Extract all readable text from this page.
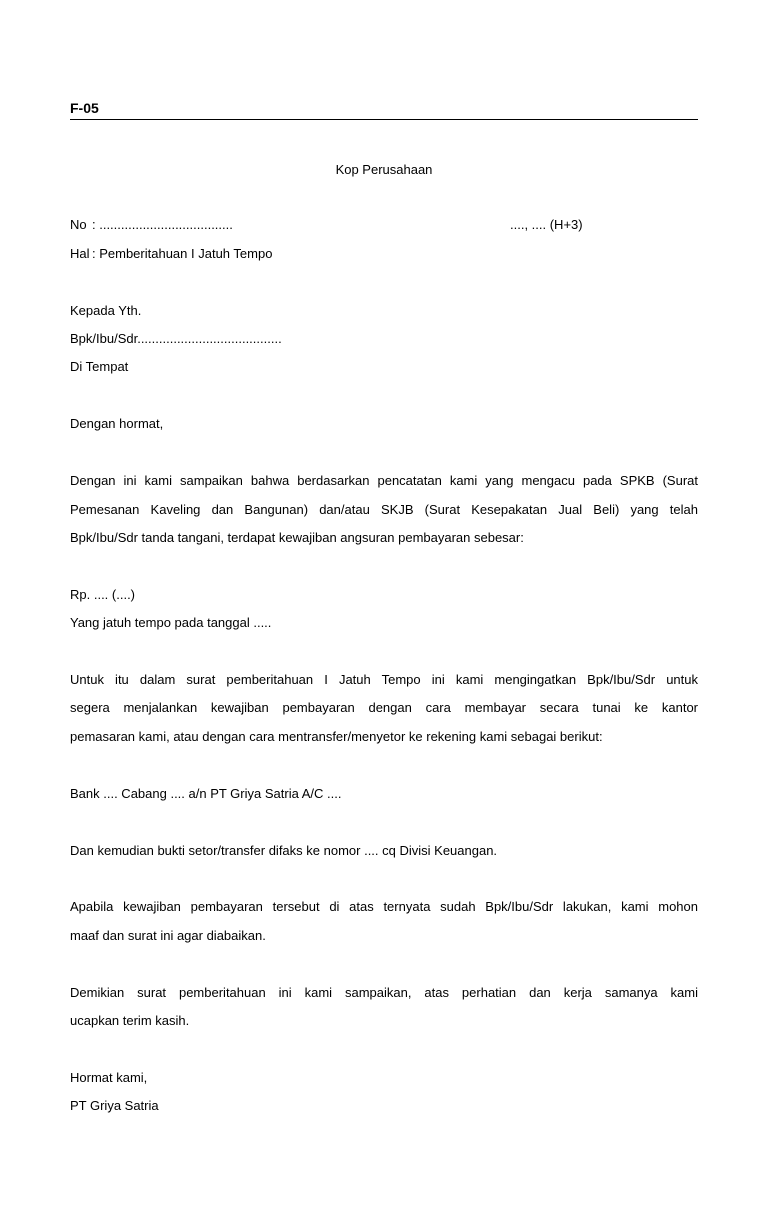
F-05
Kop Perusahaan
No : .....................................	...., .... (H+3)
Hal : Pemberitahuan I Jatuh Tempo
Kepada Yth.
Bpk/Ibu/Sdr........................................
Di Tempat
Dengan hormat,
Dengan ini kami sampaikan bahwa berdasarkan pencatatan kami yang mengacu pada SPKB (Surat
Pemesanan Kaveling dan Bangunan) dan/atau SKJB (Surat Kesepakatan Jual Beli) yang telah
Bpk/Ibu/Sdr tanda tangani, terdapat kewajiban angsuran pembayaran sebesar:
Rp. .... (....)
Yang jatuh tempo pada tanggal .....
Untuk itu dalam surat pemberitahuan I Jatuh Tempo ini kami mengingatkan Bpk/Ibu/Sdr untuk
segera menjalankan kewajiban pembayaran dengan cara membayar secara tunai ke kantor
pemasaran kami, atau dengan cara mentransfer/menyetor ke rekening kami sebagai berikut:
Bank .... Cabang .... a/n PT Griya Satria A/C ....
Dan kemudian bukti setor/transfer difaks ke nomor .... cq Divisi Keuangan.
Apabila kewajiban pembayaran tersebut di atas ternyata sudah Bpk/Ibu/Sdr lakukan, kami mohon
maaf dan surat ini agar diabaikan.
Demikian surat pemberitahuan ini kami sampaikan, atas perhatian dan kerja samanya kami
ucapkan terim kasih.
Hormat kami,
PT Griya Satria
